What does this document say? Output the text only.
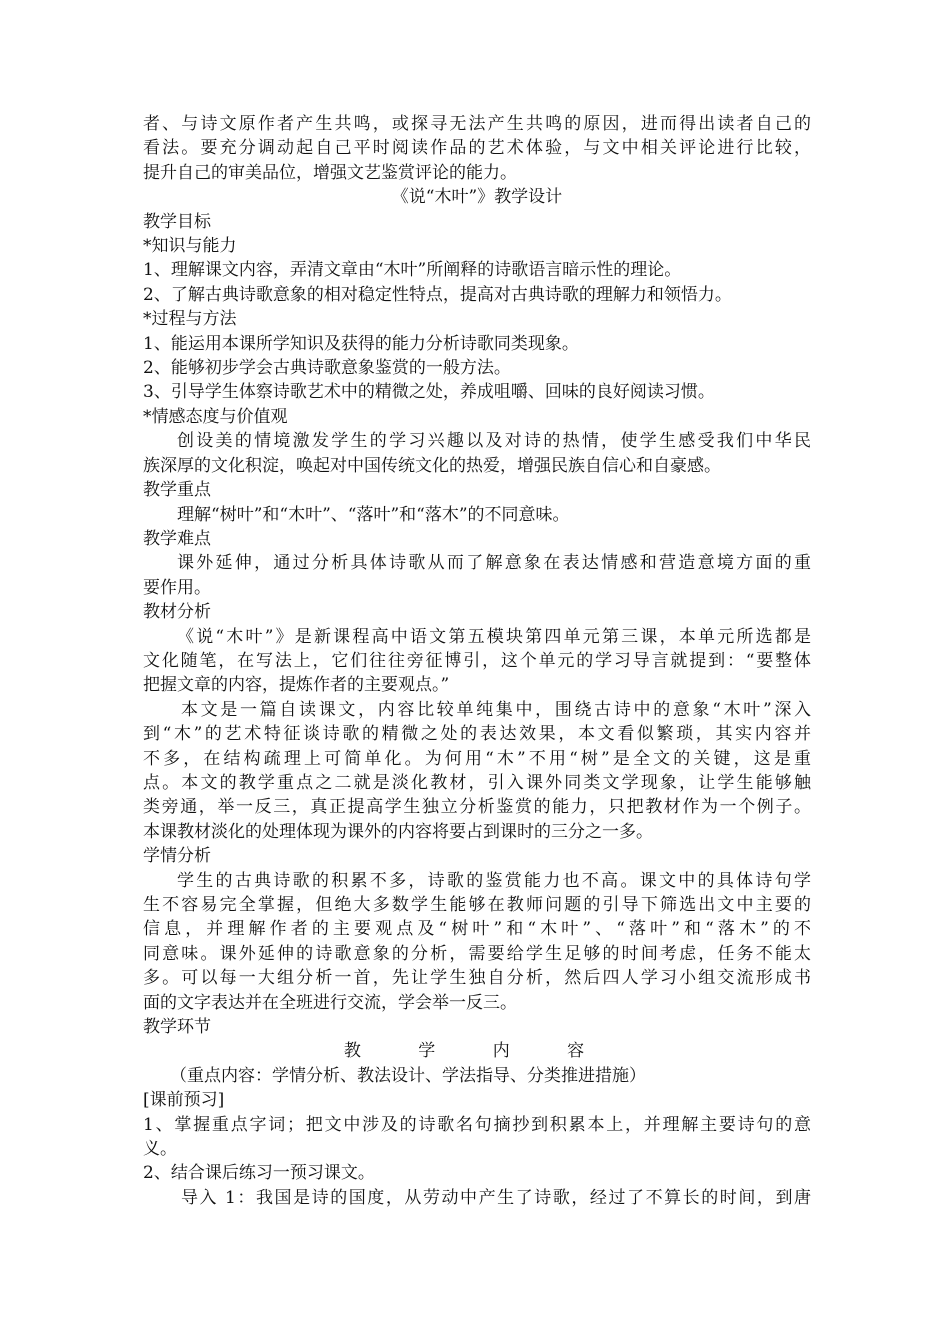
者、与诗文原作者产生共鸣，或探寻无法产生共鸣的原因，进而得出读者自己的

看法。要充分调动起自己平时阅读作品的艺术体验，与文中相关评论进行比较，

提升自己的审美品位，增强文艺鉴赏评论的能力。

《说“木叶”》教学设计

教学目标

*知识与能力

1、理解课文内容，弄清文章由“木叶”所阐释的诗歌语言暗示性的理论。

2、了解古典诗歌意象的相对稳定性特点，提高对古典诗歌的理解力和领悟力。

*过程与方法

1、能运用本课所学知识及获得的能力分析诗歌同类现象。

2、能够初步学会古典诗歌意象鉴赏的一般方法。

3、引导学生体察诗歌艺术中的精微之处，养成咀嚼、回味的良好阅读习惯。

*情感态度与价值观

创设美的情境激发学生的学习兴趣以及对诗的热情，使学生感受我们中华民

族深厚的文化积淀，唤起对中国传统文化的热爱，增强民族自信心和自豪感。

教学重点

理解“树叶”和“木叶”、“落叶”和“落木”的不同意味。

教学难点

课外延伸，通过分析具体诗歌从而了解意象在表达情感和营造意境方面的重

要作用。

教材分析

《说“木叶”》是新课程高中语文第五模块第四单元第三课，本单元所选都是

文化随笔，在写法上，它们往往旁征博引，这个单元的学习导言就提到：“要整体

把握文章的内容，提炼作者的主要观点。”

本文是一篇自读课文，内容比较单纯集中，围绕古诗中的意象“木叶”深入

到“木”的艺术特征谈诗歌的精微之处的表达效果，本文看似繁琐，其实内容并

不多，在结构疏理上可简单化。为何用“木”不用“树”是全文的关键，这是重

点。本文的教学重点之二就是淡化教材，引入课外同类文学现象，让学生能够触

类旁通，举一反三，真正提高学生独立分析鉴赏的能力，只把教材作为一个例子。

本课教材淡化的处理体现为课外的内容将要占到课时的三分之一多。

学情分析

学生的古典诗歌的积累不多，诗歌的鉴赏能力也不高。课文中的具体诗句学

生不容易完全掌握，但绝大多数学生能够在教师问题的引导下筛选出文中主要的

信息，并理解作者的主要观点及“树叶”和“木叶”、“落叶”和“落木”的不

同意味。课外延伸的诗歌意象的分析，需要给学生足够的时间考虑，任务不能太

多。可以每一大组分析一首，先让学生独自分析，然后四人学习小组交流形成书

面的文字表达并在全班进行交流，学会举一反三。

教学环节

教 学 内 容

（重点内容：学情分析、教法设计、学法指导、分类推进措施）

[课前预习]

1、掌握重点字词；把文中涉及的诗歌名句摘抄到积累本上，并理解主要诗句的意

义。

2、结合课后练习一预习课文。

导入 1：我国是诗的国度，从劳动中产生了诗歌，经过了不算长的时间，到唐
